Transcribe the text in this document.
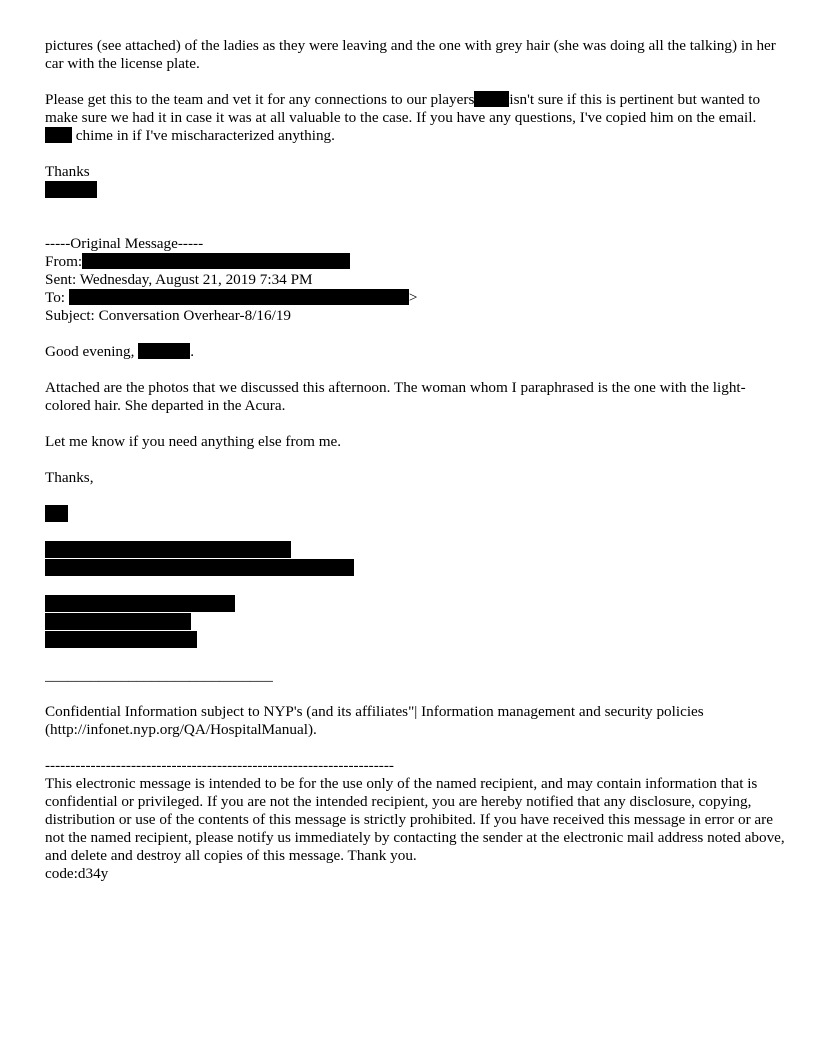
pictures (see attached) of the ladies as they were leaving and the one with grey hair (she was doing all the talking) in her car with the license plate.

Please get this to the team and vet it for any connections to our players isn't sure if this is pertinent but wanted to make sure we had it in case it was at all valuable to the case. If you have any questions, I've copied him on the email.  chime in if I've mischaracterized anything.

Thanks

-----Original Message-----

From:

Sent: Wednesday, August 21, 2019 7:34 PM

To:	>

Subject: Conversation Overhear-8/16/19

Good evening,	.

Attached are the photos that we discussed this afternoon. The woman whom I paraphrased is the one with the light-colored hair. She departed in the Acura.

Let me know if you need anything else from me.

Thanks,

______________________________

Confidential Information subject to NYP's (and its affiliates"| Information management and security policies (http://infonet.nyp.org/QA/HospitalManual).

---------------------------------------------------------------------

This electronic message is intended to be for the use only of the named recipient, and may contain information that is confidential or privileged. If you are not the intended recipient, you are hereby notified that any disclosure, copying, distribution or use of the contents of this message is strictly prohibited. If you have received this message in error or are not the named recipient, please notify us immediately by contacting the sender at the electronic mail address noted above, and delete and destroy all copies of this message. Thank you.

code:d34y
